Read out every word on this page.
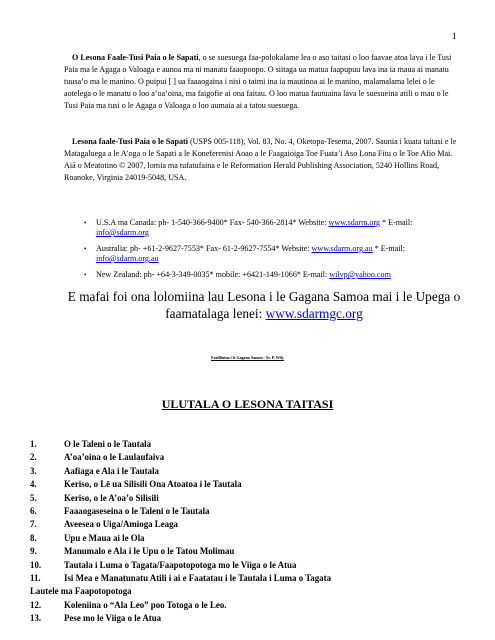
1

O Lesona Faale-Tusi Paia o le Sapati, o se suesuega faa-polokalame lea o aso taitasi o loo faavae atoa lava i le Tusi Paia ma le Agaga o Valoaga e aunoa ma ni manatu faaopoopo. O siitaga ua matua faapupuu lava ina ia maua ai manatu tuusa’o ma le manino. O puipui [ ] ua faaaogaina i nisi o taimi ina ia mautinoa ai le manino, malamalama lelei o le aotelega o le manatu o loo a’oa’oina, ma faigofie ai ona faitau. O loo matua fautuaina lava le suesueina atili o mau o le Tusi Paia ma tusi o le Agaga o Valoaga o loo aumaia ai a tatou suesuega.

Lesona faale-Tusi Paia o le Sapati (USPS 005-118), Vol. 83, No. 4, Oketopa-Tesema, 2007. Saunia i kuata taitasi e le Matagaluega a le A’oga o le Sapati a le Koneferenisi Aoao a le Faagaioiga Toe Fuata’i Aso Lona Fitu o le Toe Afio Mai. Aiā o Meatotino © 2007, lomia ma tufatufaina e le Reformation Herald Publishing Association, 5240 Hollins Road, Roanoke, Virginia 24019-5048, USA.

• U.S.A ma Canada: ph- 1-540-366-9400* Fax- 540-366-2814* Website: www.sdarm.org * E-mail: info@sdarm.org
• Australia: ph- +61-2-9627-7553* Fax- 61-2-9627-7554* Website: www.sdarm.org.au * E-mail: info@sdarm.org.au
• New Zealand: ph- +64-3-349-0035* mobile: +6421-149-1066* E-mail: wilvp@yahoo.com

E mafai foi ona lolomiina lau Lesona i le Gagana Samoa mai i le Upega o faamatalaga lenei: www.sdarmgc.org

Faaliliuina i le Gagana Samoa:- Sr. P. Wily

ULUTALA O LESONA TAITASI

1.	O le Taleni o le Tautala
2.	A’oa’oina o le Laulaufaiva
3.	Aafiaga e Ala i le Tautala
4.	Keriso, o Lē ua Silisili Ona Atoatoa i le Tautala
5.	Keriso, o le A’oa’o Silisili
6.	Faaaogaseseina o le Taleni o le Tautala
7.	Aveesea o Uiga/Amioga Leaga
8.	Upu e Maua ai le Ola
9.	Manumalo e Ala i le Upu o le Tatou Molimau
10.	Tautala i Luma o Tagata/Faapotopotoga mo le Viiga o le Atua
11.	Isi Mea e Manatunatu Atili i ai e Faatatau i le Tautala i Luma o Tagata
Lautele ma Faapotopotoga
12.	Koleniina o “Ala Leo” poo Totoga o le Leo.
13.	Pese mo le Viiga o le Atua
